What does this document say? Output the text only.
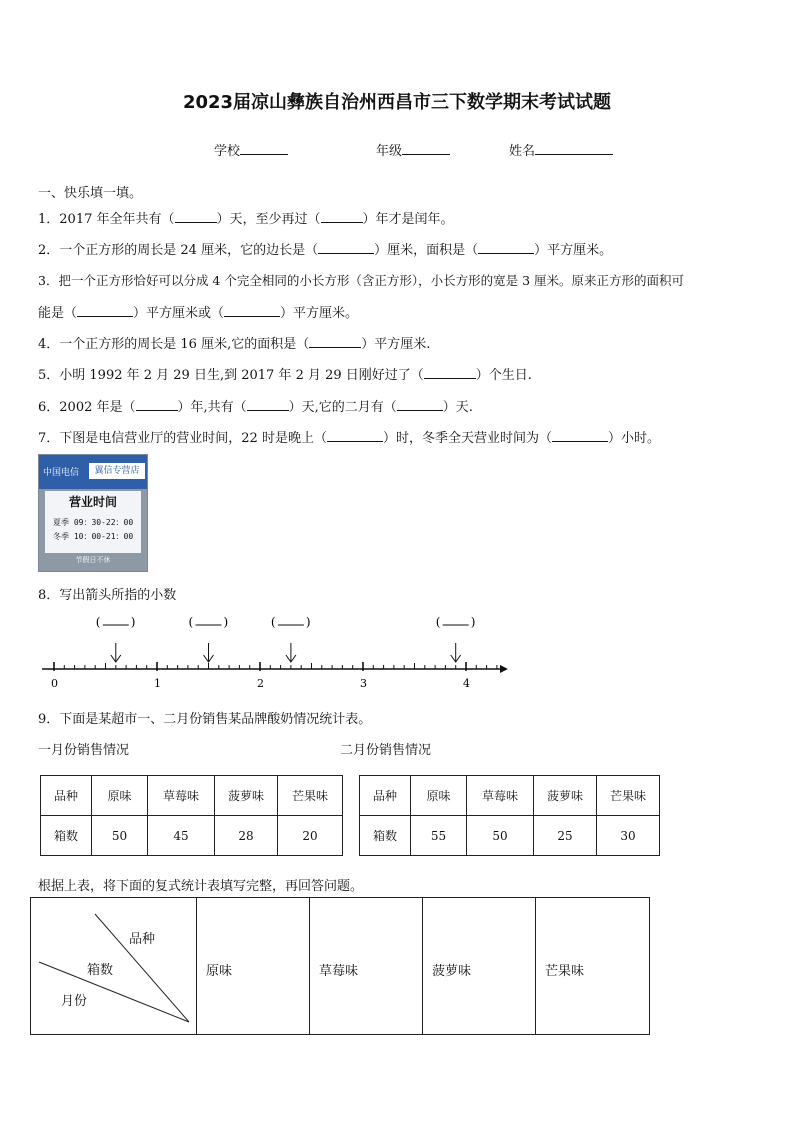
2023届凉山彝族自治州西昌市三下数学期末考试试题
学校	年级	姓名
一、快乐填一填。
1．2017 年全年共有（	）天，至少再过（	）年才是闰年。
2．一个正方形的周长是 24 厘米，它的边长是（	）厘米，面积是（	）平方厘米。
3．把一个正方形恰好可以分成 4 个完全相同的小长方形（含正方形），小长方形的宽是 3 厘米。原来正方形的面积可
能是（	）平方厘米或（	）平方厘米。
4．一个正方形的周长是 16 厘米,它的面积是（	）平方厘米.
5．小明 1992 年 2 月 29 日生,到 2017 年 2 月 29 日刚好过了（	）个生日.
6．2002 年是（	）年,共有（	）天,它的二月有（	）天.
7．下图是电信营业厅的营业时间，22 时是晚上（	）时，冬季全天营业时间为（	）小时。
中国电信	翼信专营店
营业时间
夏季 09：30-22：00
冬季 10：00-21：00
节假日不休
8．写出箭头所指的小数
(	)	(	)	(	)	(	)
0	1	2	3	4
9．下面是某超市一、二月份销售某品牌酸奶情况统计表。
一月份销售情况	二月份销售情况
品种	原味	草莓味	菠萝味	芒果味
箱数	50	45	28	20
品种	原味	草莓味	菠萝味	芒果味
箱数	55	50	25	30
根据上表，将下面的复式统计表填写完整，再回答问题。
品种
箱数
月份
原味	草莓味	菠萝味	芒果味
